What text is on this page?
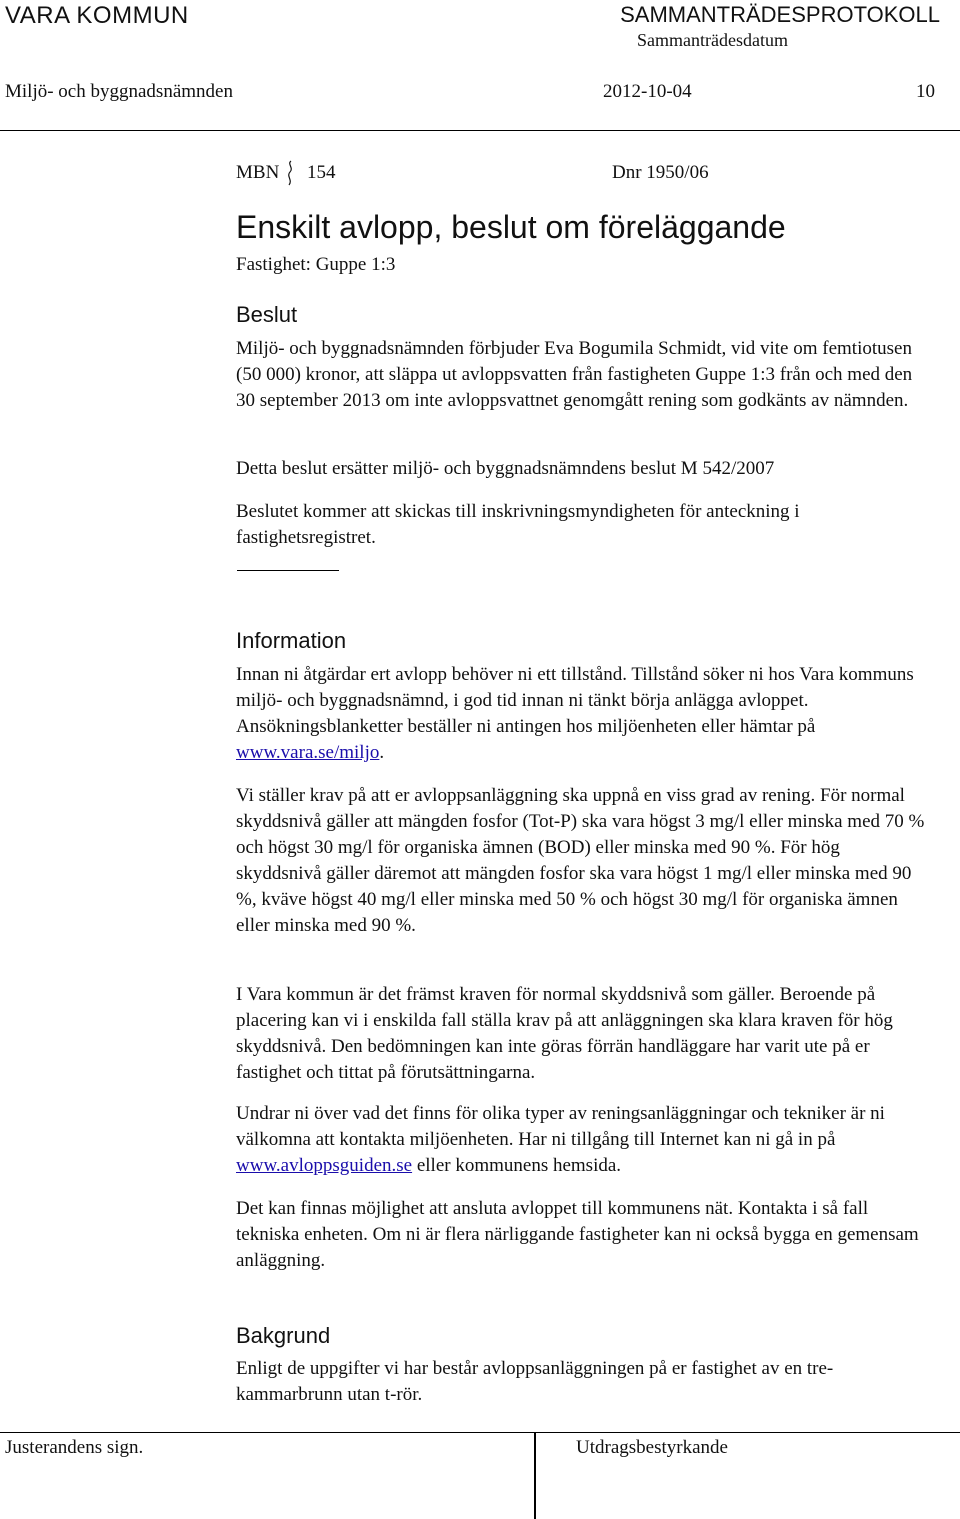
VARA KOMMUN	SAMMANTRÄDESPROTOKOLL
Sammanträdesdatum
Miljö- och byggnadsnämnden	2012-10-04	10
MBN 154	Dnr 1950/06
Enskilt avlopp, beslut om föreläggande
Fastighet: Guppe 1:3
Beslut

Miljö- och byggnadsnämnden förbjuder Eva Bogumila Schmidt, vid vite om femtiotusen (50 000) kronor, att släppa ut avloppsvatten från fastigheten Guppe 1:3 från och med den 30 september 2013 om inte avloppsvattnet genomgått rening som godkänts av nämnden.

Detta beslut ersätter miljö- och byggnadsnämndens beslut M 542/2007
Beslutet kommer att skickas till inskrivningsmyndigheten för anteckning i fastighetsregistret.
Information
Innan ni åtgärdar ert avlopp behöver ni ett tillstånd. Tillstånd söker ni hos Vara kommuns miljö- och byggnadsnämnd, i god tid innan ni tänkt börja anlägga avloppet. Ansökningsblanketter beställer ni antingen hos miljöenheten eller hämtar på www.vara.se/miljo.
Vi ställer krav på att er avloppsanläggning ska uppnå en viss grad av rening. För normal skyddsnivå gäller att mängden fosfor (Tot-P) ska vara högst 3 mg/l eller minska med 70 % och högst 30 mg/l för organiska ämnen (BOD) eller minska med 90 %. För hög skyddsnivå gäller däremot att mängden fosfor ska vara högst 1 mg/l eller minska med 90 %, kväve högst 40 mg/l eller minska med 50 % och högst 30 mg/l för organiska ämnen eller minska med 90 %.
I Vara kommun är det främst kraven för normal skyddsnivå som gäller. Beroende på placering kan vi i enskilda fall ställa krav på att anläggningen ska klara kraven för hög skyddsnivå. Den bedömningen kan inte göras förrän handläggare har varit ute på er fastighet och tittat på förutsättningarna.
Undrar ni över vad det finns för olika typer av reningsanläggningar och tekniker är ni välkomna att kontakta miljöenheten. Har ni tillgång till Internet kan ni gå in på www.avloppsguiden.se eller kommunens hemsida.
Det kan finnas möjlighet att ansluta avloppet till kommunens nät. Kontakta i så fall tekniska enheten. Om ni är flera närliggande fastigheter kan ni också bygga en gemensam anläggning.
Bakgrund
Enligt de uppgifter vi har består avloppsanläggningen på er fastighet av en tre-kammarbrunn utan t-rör.
Justerandens sign.	Utdragsbestyrkande
